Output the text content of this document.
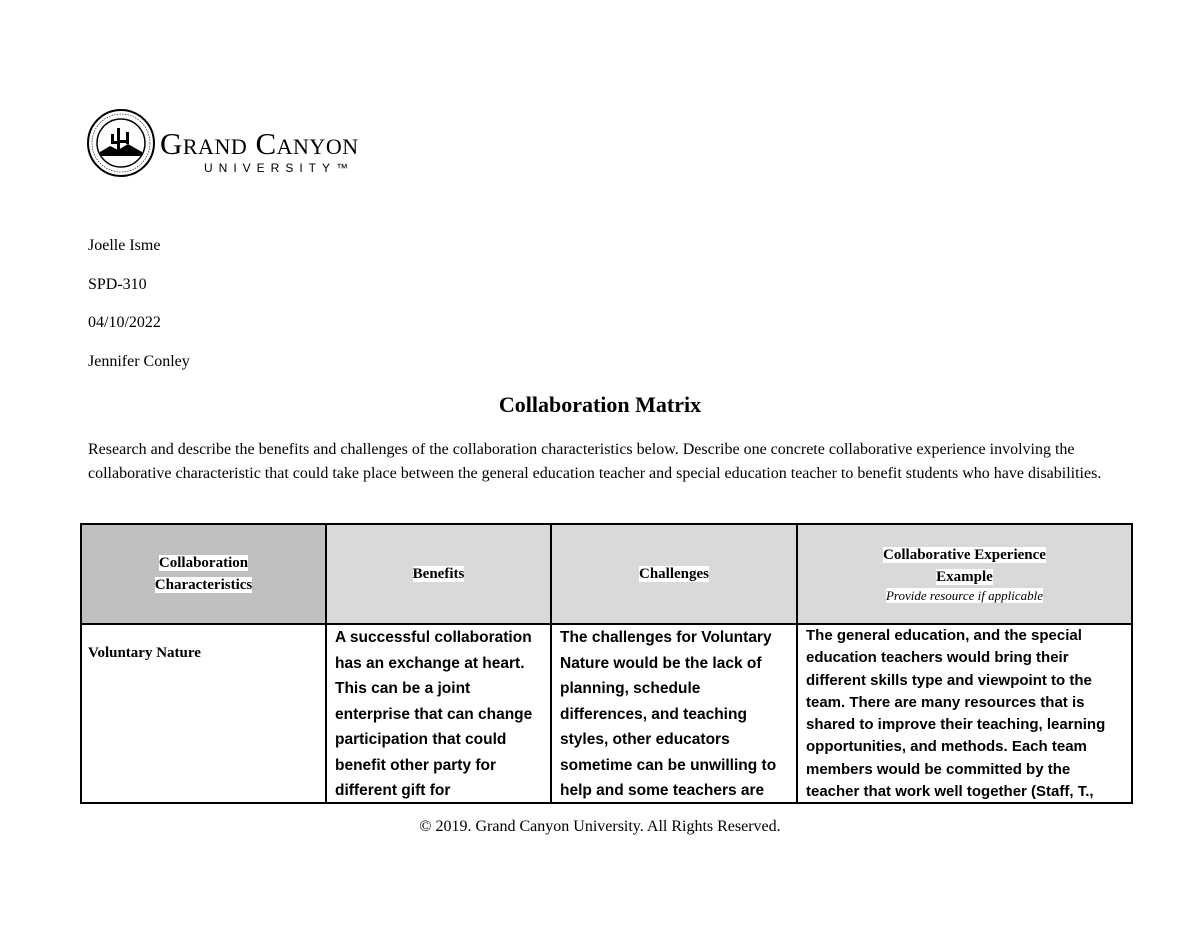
Grand Canyon
UNIVERSITY™
Joelle Isme
SPD-310
04/10/2022
Jennifer Conley
Collaboration Matrix
Research and describe the benefits and challenges of the collaboration characteristics below. Describe one concrete collaborative experience involving the collaborative characteristic that could take place between the general education teacher and special education teacher to benefit students who have disabilities.
Collaboration
Characteristics	Benefits	Challenges	Collaborative Experience
Example
Provide resource if applicable

Voluntary Nature	A successful collaboration has an exchange at heart. This can be a joint enterprise that can change participation that could benefit other party for different gift for	The challenges for Voluntary Nature would be the lack of planning, schedule differences, and teaching styles, other educators sometime can be unwilling to help and some teachers are	The general education, and the special education teachers would bring their different skills type and viewpoint to the team. There are many resources that is shared to improve their teaching, learning opportunities, and methods. Each team members would be committed by the teacher that work well together (Staff, T.,
© 2019. Grand Canyon University. All Rights Reserved.
